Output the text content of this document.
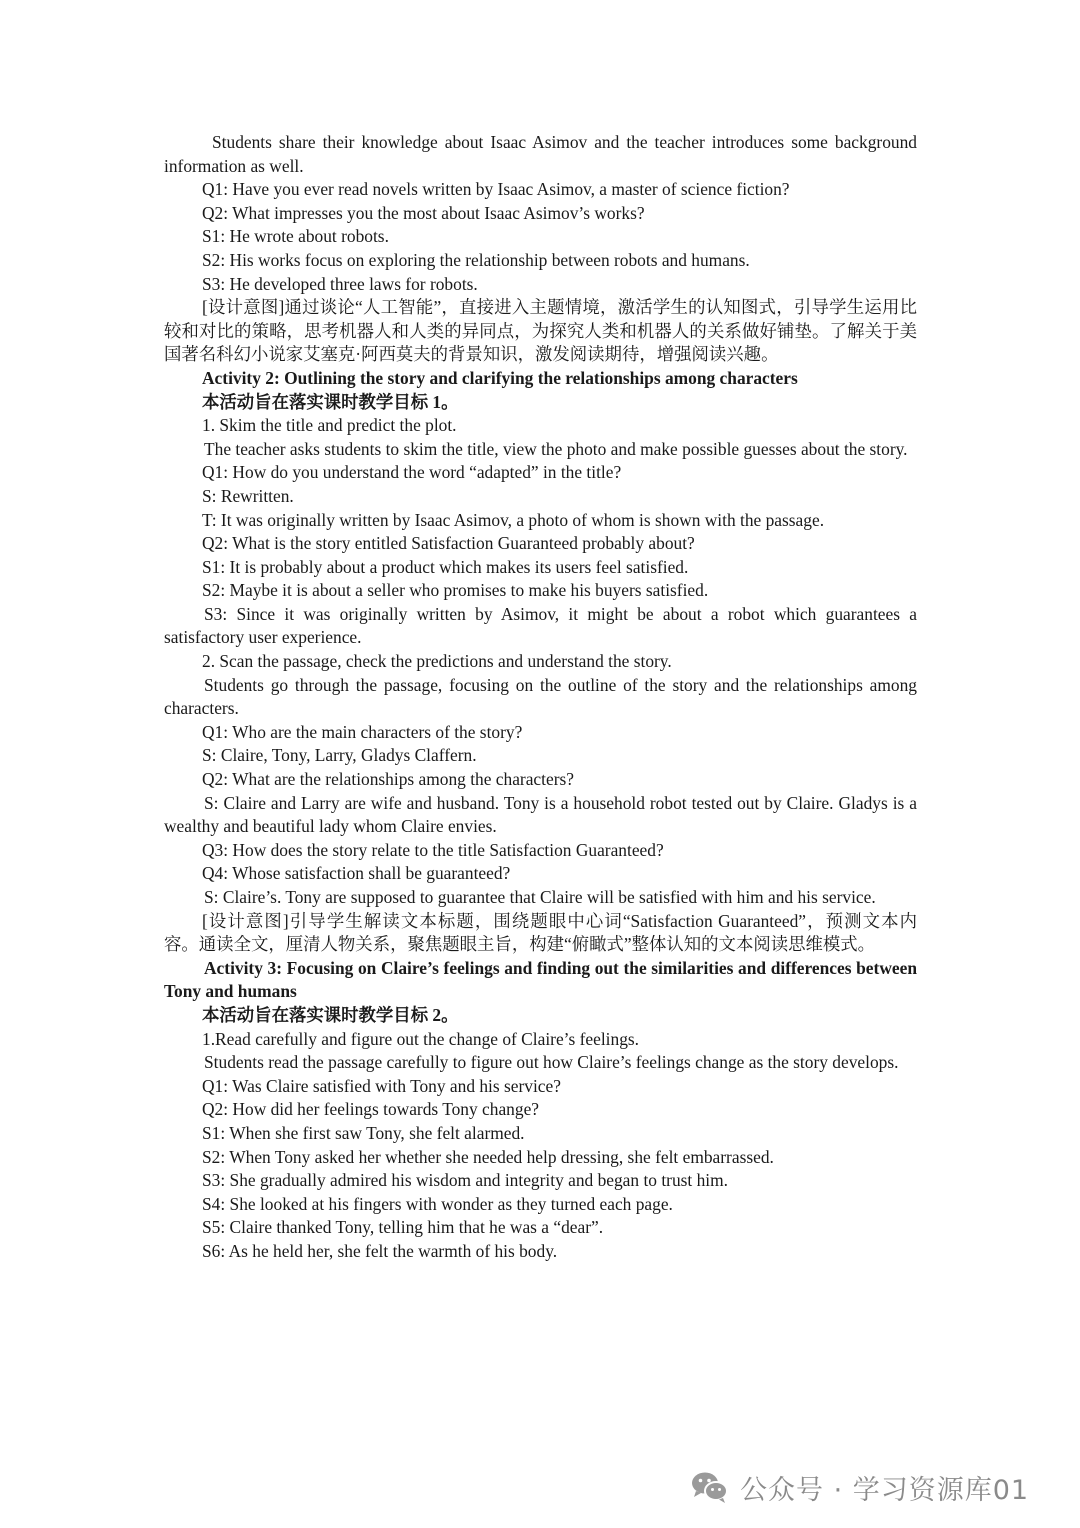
Students share their knowledge about Isaac Asimov and the teacher introduces some background information as well.

Q1: Have you ever read novels written by Isaac Asimov, a master of science fiction?

Q2: What impresses you the most about Isaac Asimov’s works?

S1: He wrote about robots.

S2: His works focus on exploring the relationship between robots and humans.

S3: He developed three laws for robots.

[设计意图]通过谈论“人工智能”，直接进入主题情境，激活学生的认知图式，引导学生运用比较和对比的策略，思考机器人和人类的异同点，为探究人类和机器人的关系做好铺垫。了解关于美国著名科幻小说家艾塞克·阿西莫夫的背景知识，激发阅读期待，增强阅读兴趣。

Activity 2: Outlining the story and clarifying the relationships among characters

本活动旨在落实课时教学目标 1。

1. Skim the title and predict the plot.

The teacher asks students to skim the title, view the photo and make possible guesses about the story.

Q1: How do you understand the word “adapted” in the title?

S: Rewritten.

T: It was originally written by Isaac Asimov, a photo of whom is shown with the passage.

Q2: What is the story entitled Satisfaction Guaranteed probably about?

S1: It is probably about a product which makes its users feel satisfied.

S2: Maybe it is about a seller who promises to make his buyers satisfied.

S3: Since it was originally written by Asimov, it might be about a robot which guarantees a satisfactory user experience.

2. Scan the passage, check the predictions and understand the story.

Students go through the passage, focusing on the outline of the story and the relationships among characters.

Q1: Who are the main characters of the story?

S: Claire, Tony, Larry, Gladys Claffern.

Q2: What are the relationships among the characters?

S: Claire and Larry are wife and husband. Tony is a household robot tested out by Claire. Gladys is a wealthy and beautiful lady whom Claire envies.

Q3: How does the story relate to the title Satisfaction Guaranteed?

Q4: Whose satisfaction shall be guaranteed?

S: Claire’s. Tony are supposed to guarantee that Claire will be satisfied with him and his service.

[设计意图]引导学生解读文本标题，围绕题眼中心词“Satisfaction Guaranteed”，预测文本内容。通读全文，厘清人物关系，聚焦题眼主旨，构建“俯瞰式”整体认知的文本阅读思维模式。

Activity 3: Focusing on Claire’s feelings and finding out the similarities and differences between Tony and humans

本活动旨在落实课时教学目标 2。

1.Read carefully and figure out the change of Claire’s feelings.

Students read the passage carefully to figure out how Claire’s feelings change as the story develops.

Q1: Was Claire satisfied with Tony and his service?

Q2: How did her feelings towards Tony change?

S1: When she first saw Tony, she felt alarmed.

S2: When Tony asked her whether she needed help dressing, she felt embarrassed.

S3: She gradually admired his wisdom and integrity and began to trust him.

S4: She looked at his fingers with wonder as they turned each page.

S5: Claire thanked Tony, telling him that he was a “dear”.

S6: As he held her, she felt the warmth of his body.

公众号 · 学习资源库01
